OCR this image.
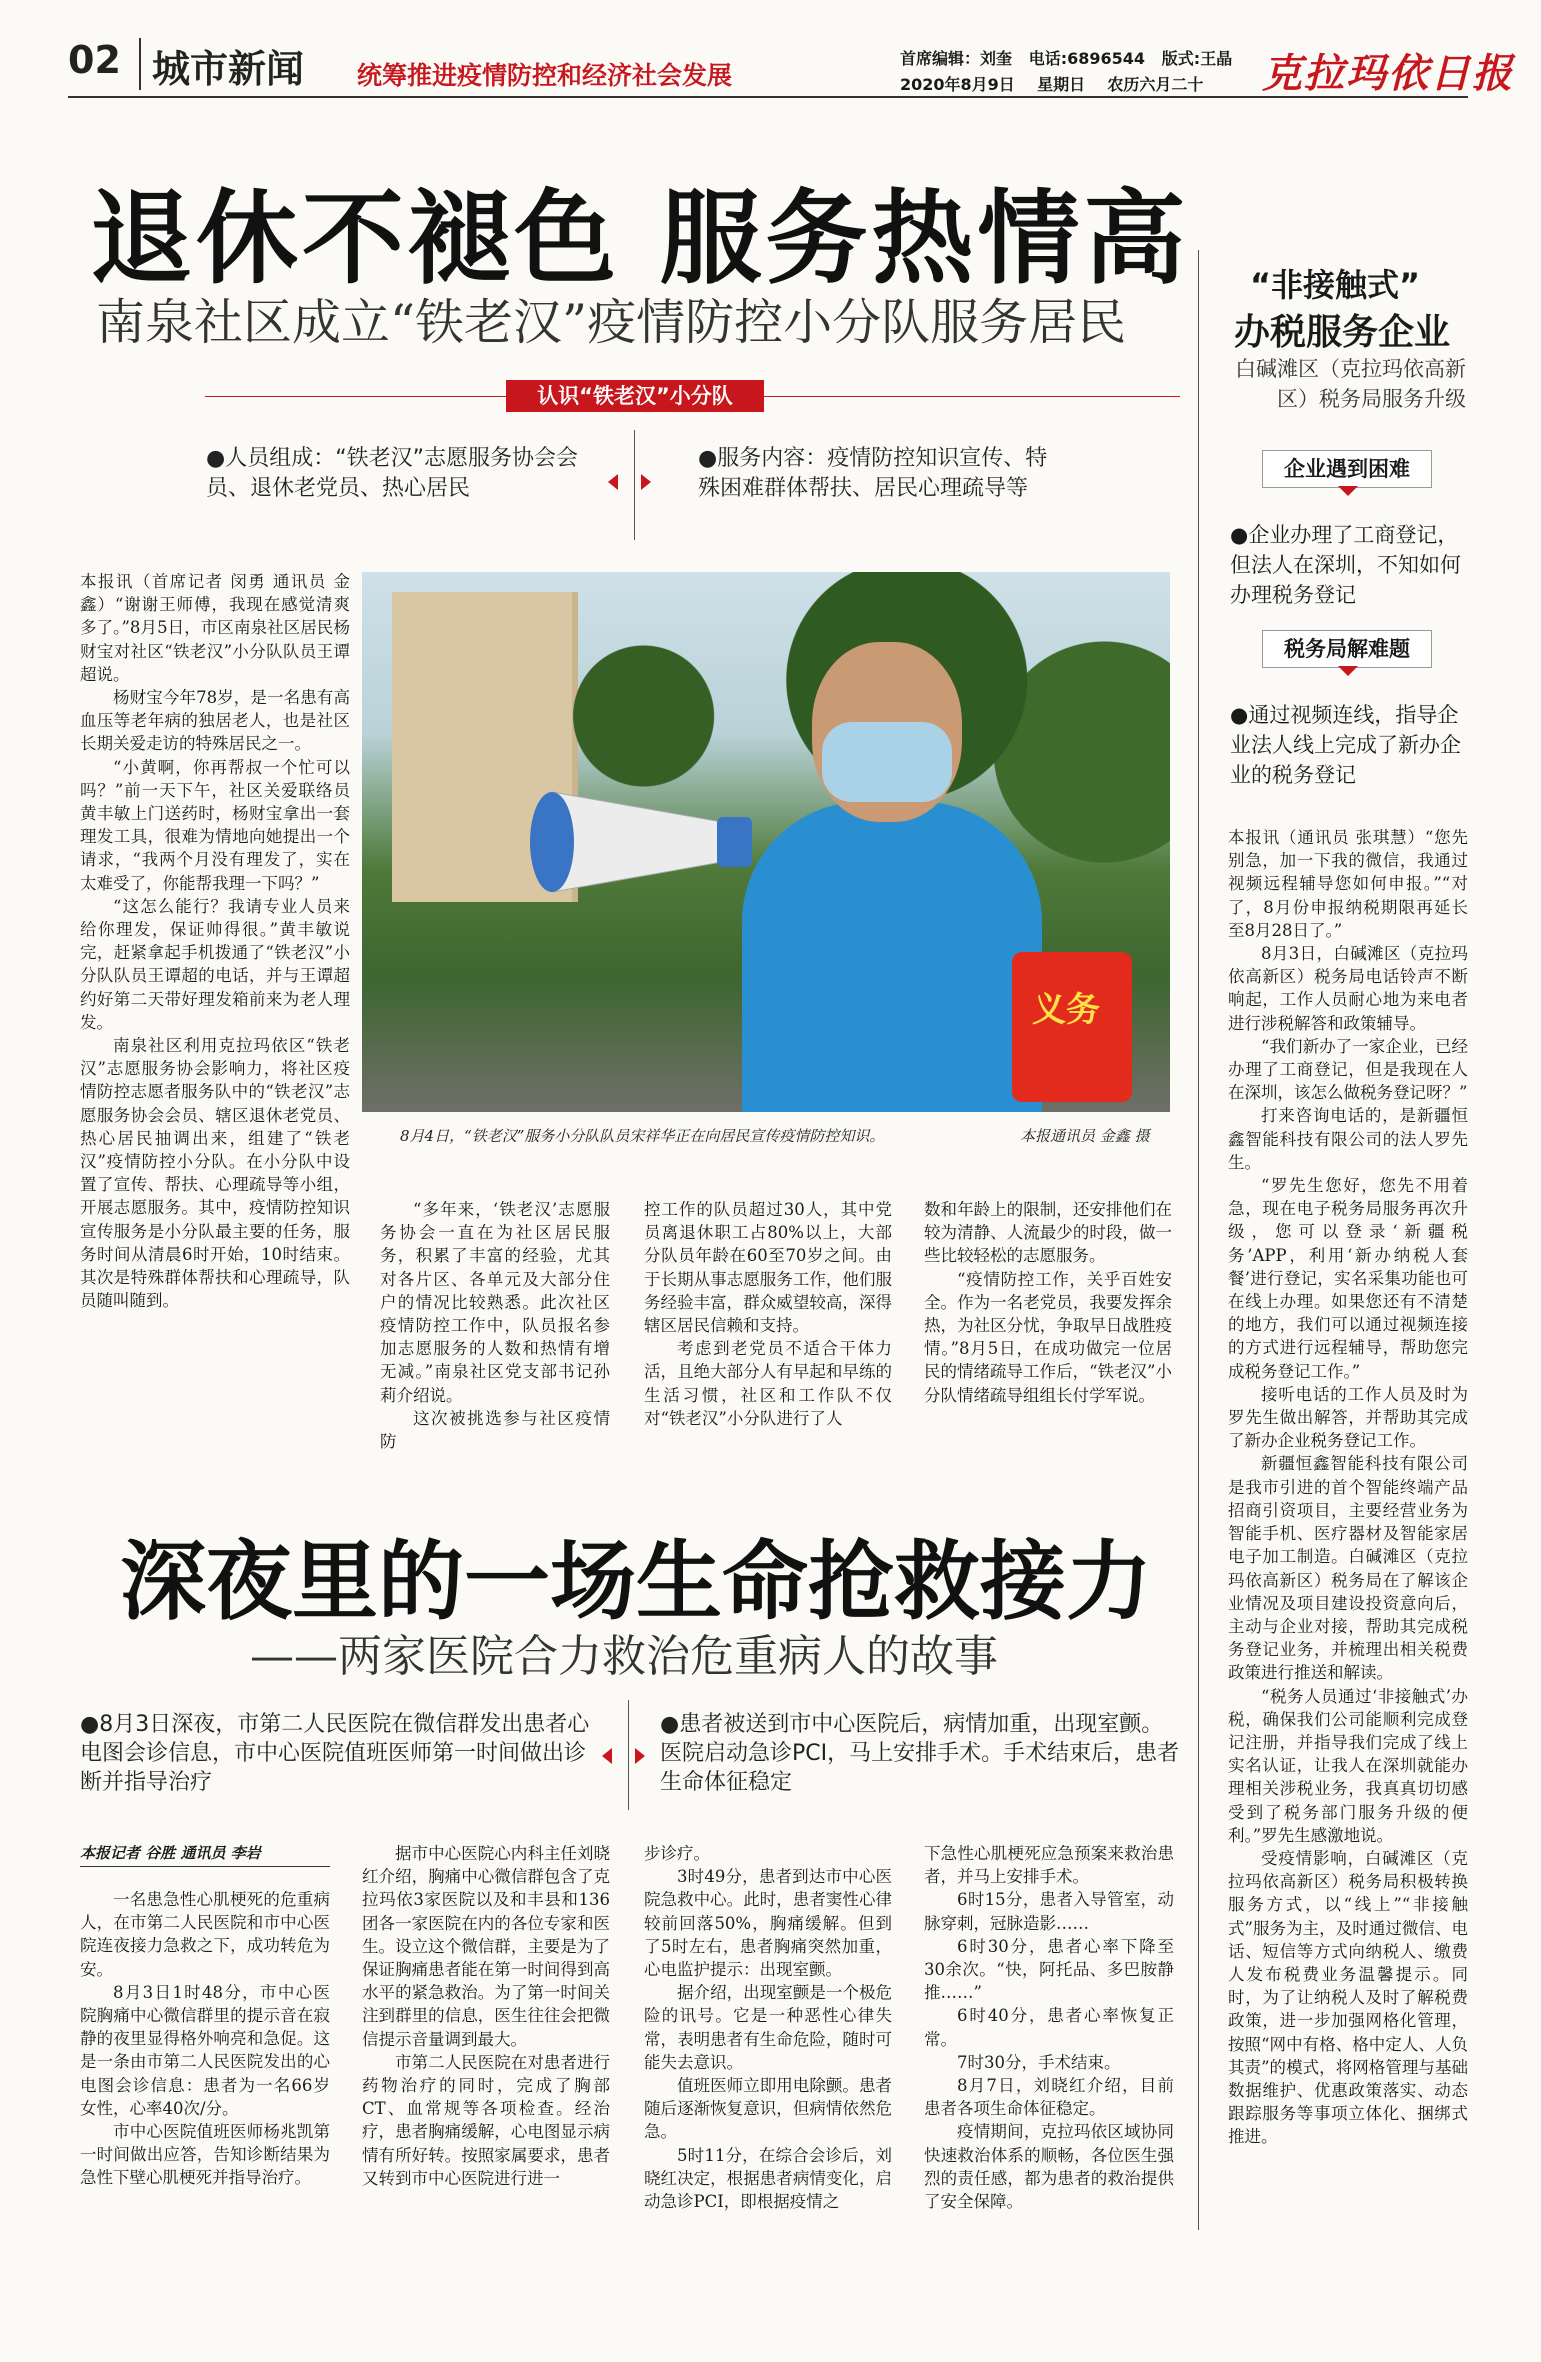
02 城市新闻 统筹推进疫情防控和经济社会发展
首席编辑：刘奎 电话:6896544 版式:王晶
2020年8月9日 星期日 农历六月二十 克拉玛依日报
退休不褪色 服务热情高
南泉社区成立“铁老汉”疫情防控小分队服务居民
认识“铁老汉”小分队
●人员组成：“铁老汉”志愿服务协会会员、退休老党员、热心居民
●服务内容：疫情防控知识宣传、特殊困难群体帮扶、居民心理疏导等
义务
8月4日，“铁老汉”服务小分队队员宋祥华正在向居民宣传疫情防控知识。	本报通讯员 金鑫 摄

本报讯（首席记者 闵勇 通讯员 金鑫）“谢谢王师傅，我现在感觉清爽多了。”8月5日，市区南泉社区居民杨财宝对社区“铁老汉”小分队队员王谭超说。

杨财宝今年78岁，是一名患有高血压等老年病的独居老人，也是社区长期关爱走访的特殊居民之一。

“小黄啊，你再帮叔一个忙可以吗？”前一天下午，社区关爱联络员黄丰敏上门送药时，杨财宝拿出一套理发工具，很难为情地向她提出一个请求，“我两个月没有理发了，实在太难受了，你能帮我理一下吗？”

“这怎么能行？我请专业人员来给你理发，保证帅得很。”黄丰敏说完，赶紧拿起手机拨通了“铁老汉”小分队队员王谭超的电话，并与王谭超约好第二天带好理发箱前来为老人理发。

南泉社区利用克拉玛依区“铁老汉”志愿服务协会影响力，将社区疫情防控志愿者服务队中的“铁老汉”志愿服务协会会员、辖区退休老党员、热心居民抽调出来，组建了“铁老汉”疫情防控小分队。在小分队中设置了宣传、帮扶、心理疏导等小组，开展志愿服务。其中，疫情防控知识宣传服务是小分队最主要的任务，服务时间从清晨6时开始，10时结束。其次是特殊群体帮扶和心理疏导，队员随叫随到。

“多年来，‘铁老汉’志愿服务协会一直在为社区居民服务，积累了丰富的经验，尤其对各片区、各单元及大部分住户的情况比较熟悉。此次社区疫情防控工作中，队员报名参加志愿服务的人数和热情有增无减。”南泉社区党支部书记孙莉介绍说。

这次被挑选参与社区疫情防

控工作的队员超过30人，其中党员离退休职工占80%以上，大部分队员年龄在60至70岁之间。由于长期从事志愿服务工作，他们服务经验丰富，群众威望较高，深得辖区居民信赖和支持。

考虑到老党员不适合干体力活，且绝大部分人有早起和早练的生活习惯，社区和工作队不仅对“铁老汉”小分队进行了人

数和年龄上的限制，还安排他们在较为清静、人流最少的时段，做一些比较轻松的志愿服务。

“疫情防控工作，关乎百姓安全。作为一名老党员，我要发挥余热，为社区分忧，争取早日战胜疫情。”8月5日，在成功做完一位居民的情绪疏导工作后，“铁老汉”小分队情绪疏导组组长付学军说。

深夜里的一场生命抢救接力
——两家医院合力救治危重病人的故事
●8月3日深夜，市第二人民医院在微信群发出患者心电图会诊信息，市中心医院值班医师第一时间做出诊断并指导治疗
●患者被送到市中心医院后，病情加重，出现室颤。医院启动急诊PCI，马上安排手术。手术结束后，患者生命体征稳定
本报记者 谷胜 通讯员 李岩

一名患急性心肌梗死的危重病人，在市第二人民医院和市中心医院连夜接力急救之下，成功转危为安。

8月3日1时48分，市中心医院胸痛中心微信群里的提示音在寂静的夜里显得格外响亮和急促。这是一条由市第二人民医院发出的心电图会诊信息：患者为一名66岁女性，心率40次/分。

市中心医院值班医师杨兆凯第一时间做出应答，告知诊断结果为急性下壁心肌梗死并指导治疗。

据市中心医院心内科主任刘晓红介绍，胸痛中心微信群包含了克拉玛依3家医院以及和丰县和136团各一家医院在内的各位专家和医生。设立这个微信群，主要是为了保证胸痛患者能在第一时间得到高水平的紧急救治。为了第一时间关注到群里的信息，医生往往会把微信提示音量调到最大。

市第二人民医院在对患者进行药物治疗的同时，完成了胸部CT、血常规等各项检查。经治疗，患者胸痛缓解，心电图显示病情有所好转。按照家属要求，患者又转到市中心医院进行进一

步诊疗。

3时49分，患者到达市中心医院急救中心。此时，患者窦性心律较前回落50%，胸痛缓解。但到了5时左右，患者胸痛突然加重，心电监护提示：出现室颤。

据介绍，出现室颤是一个极危险的讯号。它是一种恶性心律失常，表明患者有生命危险，随时可能失去意识。

值班医师立即用电除颤。患者随后逐渐恢复意识，但病情依然危急。

5时11分，在综合会诊后，刘晓红决定，根据患者病情变化，启动急诊PCI，即根据疫情之

下急性心肌梗死应急预案来救治患者，并马上安排手术。

6时15分，患者入导管室，动脉穿刺，冠脉造影……

6时30分，患者心率下降至30余次。“快，阿托品、多巴胺静推……”

6时40分，患者心率恢复正常。

7时30分，手术结束。

8月7日，刘晓红介绍，目前患者各项生命体征稳定。

疫情期间，克拉玛依区域协同快速救治体系的顺畅，各位医生强烈的责任感，都为患者的救治提供了安全保障。

“非接触式”
办税服务企业
白碱滩区（克拉玛依高新区）税务局服务升级
企业遇到困难
●企业办理了工商登记，但法人在深圳，不知如何办理税务登记
税务局解难题
●通过视频连线，指导企业法人线上完成了新办企业的税务登记

本报讯（通讯员 张琪慧）“您先别急，加一下我的微信，我通过视频远程辅导您如何申报。”“对了，8月份申报纳税期限再延长至8月28日了。”

8月3日，白碱滩区（克拉玛依高新区）税务局电话铃声不断响起，工作人员耐心地为来电者进行涉税解答和政策辅导。

“我们新办了一家企业，已经办理了工商登记，但是我现在人在深圳，该怎么做税务登记呀？”

打来咨询电话的，是新疆恒鑫智能科技有限公司的法人罗先生。

“罗先生您好，您先不用着急，现在电子税务局服务再次升级，您可以登录‘新疆税务’APP，利用‘新办纳税人套餐’进行登记，实名采集功能也可在线上办理。如果您还有不清楚的地方，我们可以通过视频连接的方式进行远程辅导，帮助您完成税务登记工作。”

接听电话的工作人员及时为罗先生做出解答，并帮助其完成了新办企业税务登记工作。

新疆恒鑫智能科技有限公司是我市引进的首个智能终端产品招商引资项目，主要经营业务为智能手机、医疗器材及智能家居电子加工制造。白碱滩区（克拉玛依高新区）税务局在了解该企业情况及项目建设投资意向后，主动与企业对接，帮助其完成税务登记业务，并梳理出相关税费政策进行推送和解读。

“税务人员通过‘非接触式’办税，确保我们公司能顺利完成登记注册，并指导我们完成了线上实名认证，让我人在深圳就能办理相关涉税业务，我真真切切感受到了税务部门服务升级的便利。”罗先生感激地说。

受疫情影响，白碱滩区（克拉玛依高新区）税务局积极转换服务方式，以“线上”“非接触式”服务为主，及时通过微信、电话、短信等方式向纳税人、缴费人发布税费业务温馨提示。同时，为了让纳税人及时了解税费政策，进一步加强网格化管理，按照“网中有格、格中定人、人负其责”的模式，将网格管理与基础数据维护、优惠政策落实、动态跟踪服务等事项立体化、捆绑式推进。
